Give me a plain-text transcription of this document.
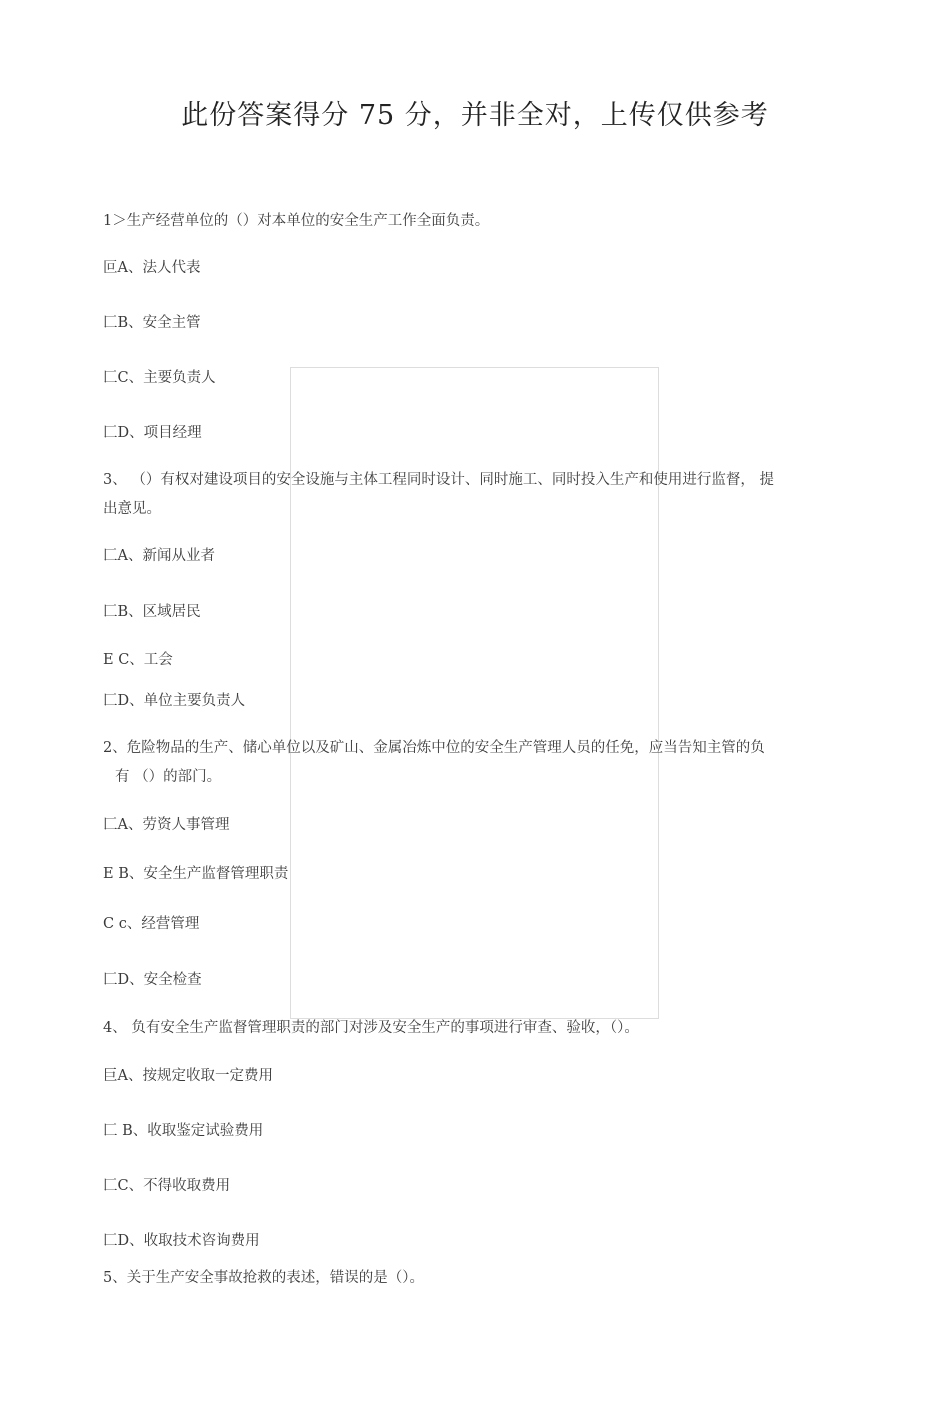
此份答案得分 75 分，并非全对，上传仅供参考
1＞生产经营单位的（）对本单位的安全生产工作全面负责。
叵A、法人代表
匚B、安全主管
匚C、主要负责人
匚D、项目经理
3、 （）有权对建设项目的安全设施与主体工程同时设计、同时施工、同时投入生产和使用进行监督， 提
出意见。
匚A、新闻从业者
匚B、区域居民
E C、工会
匚D、单位主要负责人
2、危险物品的生产、储心单位以及矿山、金属冶炼中位的安全生产管理人员的任免，应当告知主管的负
有 （）的部门。
匚A、劳资人事管理
E B、安全生产监督管理职责
C c、经营管理
匚D、安全检查
4、 负有安全生产监督管理职责的部门对涉及安全生产的事项进行审查、验收，（）。
巨A、按规定收取一定费用
匚 B、收取鉴定试验费用
匚C、不得收取费用
匚D、收取技术咨询费用
5、关于生产安全事故抢救的表述，错误的是（）。
